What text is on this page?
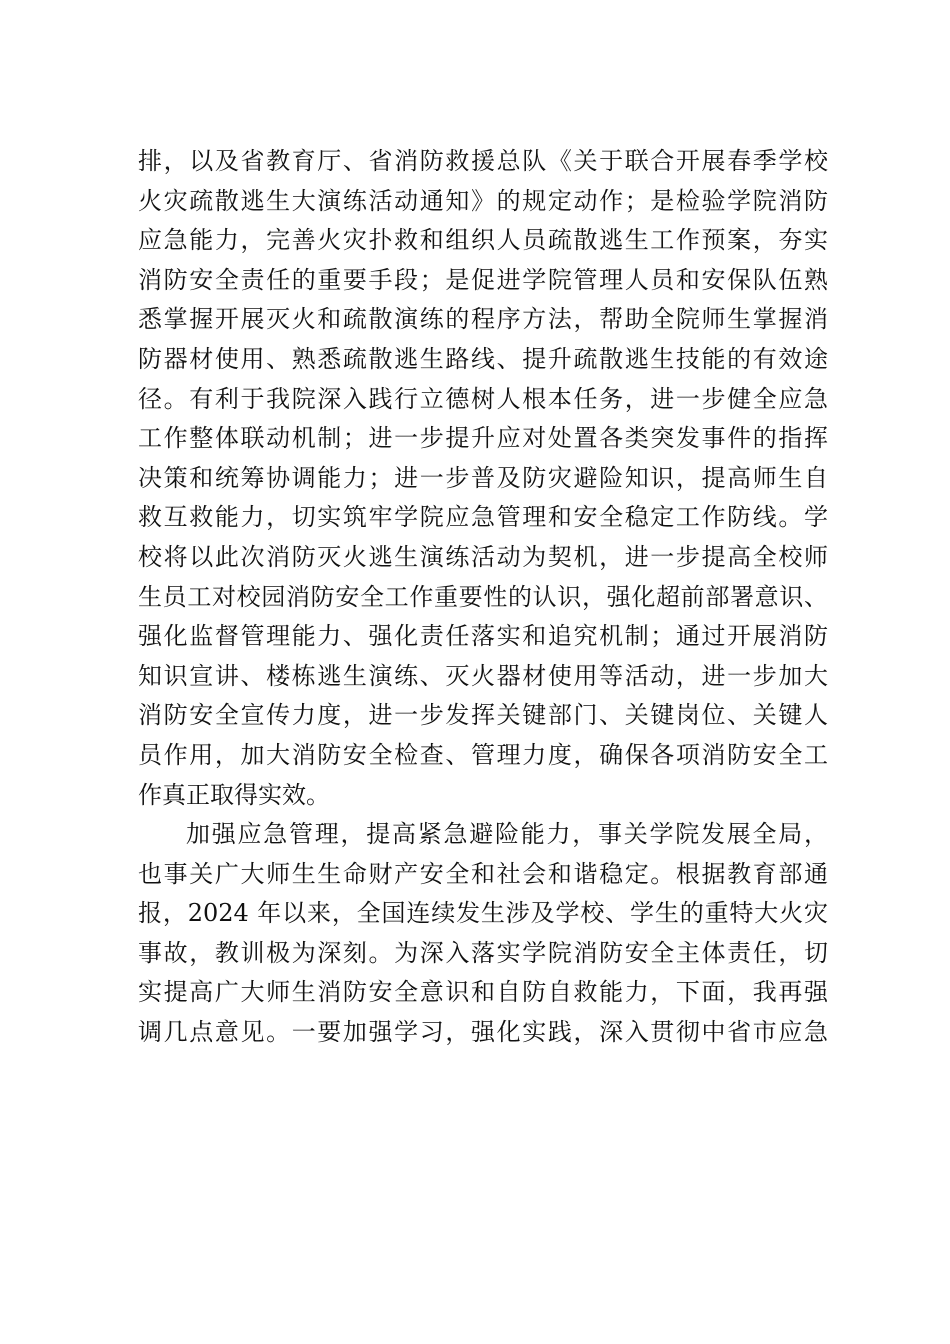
排，以及省教育厅、省消防救援总队《关于联合开展春季学校
火灾疏散逃生大演练活动通知》的规定动作；是检验学院消防
应急能力，完善火灾扑救和组织人员疏散逃生工作预案，夯实
消防安全责任的重要手段；是促进学院管理人员和安保队伍熟
悉掌握开展灭火和疏散演练的程序方法，帮助全院师生掌握消
防器材使用、熟悉疏散逃生路线、提升疏散逃生技能的有效途
径。有利于我院深入践行立德树人根本任务，进一步健全应急
工作整体联动机制；进一步提升应对处置各类突发事件的指挥
决策和统筹协调能力；进一步普及防灾避险知识，提高师生自
救互救能力，切实筑牢学院应急管理和安全稳定工作防线。学
校将以此次消防灭火逃生演练活动为契机，进一步提高全校师
生员工对校园消防安全工作重要性的认识，强化超前部署意识、
强化监督管理能力、强化责任落实和追究机制；通过开展消防
知识宣讲、楼栋逃生演练、灭火器材使用等活动，进一步加大
消防安全宣传力度，进一步发挥关键部门、关键岗位、关键人
员作用，加大消防安全检查、管理力度，确保各项消防安全工
作真正取得实效。
加强应急管理，提高紧急避险能力，事关学院发展全局，
也事关广大师生生命财产安全和社会和谐稳定。根据教育部通
报，2024 年以来，全国连续发生涉及学校、学生的重特大火灾
事故，教训极为深刻。为深入落实学院消防安全主体责任，切
实提高广大师生消防安全意识和自防自救能力，下面，我再强
调几点意见。一要加强学习，强化实践，深入贯彻中省市应急
